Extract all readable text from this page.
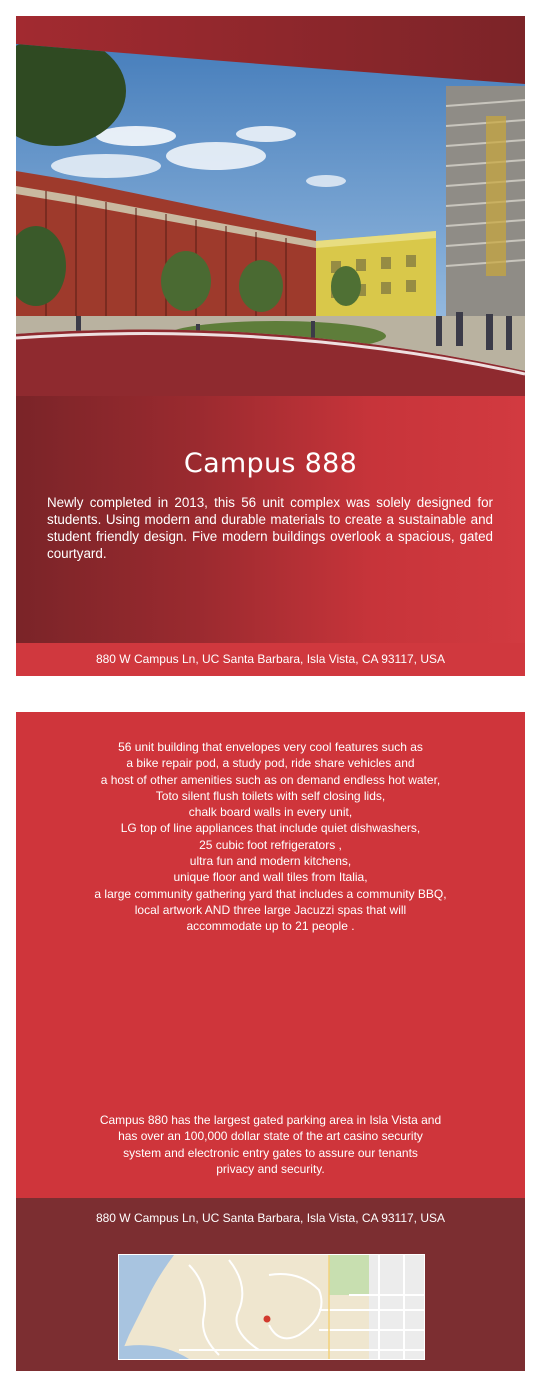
Campus 888
Newly completed in 2013, this 56 unit complex was solely designed for students. Using modern and durable materials to create a sustainable and student friendly design. Five modern buildings overlook a spacious, gated courtyard.
880 W Campus Ln, UC Santa Barbara, Isla Vista, CA 93117, USA
56 unit building that envelopes very cool features such as
a bike repair pod, a study pod, ride share vehicles and
a host of other amenities such as on demand endless hot water,
Toto silent flush toilets with self closing lids,
chalk board walls in every unit,
LG top of line appliances that include quiet dishwashers,
25 cubic foot refrigerators ,
ultra fun and modern kitchens,
unique floor and wall tiles from Italia,
a large community gathering yard that includes a community BBQ,
local artwork AND three large Jacuzzi spas that will
accommodate up to 21 people .
Campus 880 has the largest gated parking area in Isla Vista and
has over an 100,000 dollar state of the art casino security
system and electronic entry gates to assure our tenants
privacy and security.
880 W Campus Ln, UC Santa Barbara, Isla Vista, CA 93117, USA
